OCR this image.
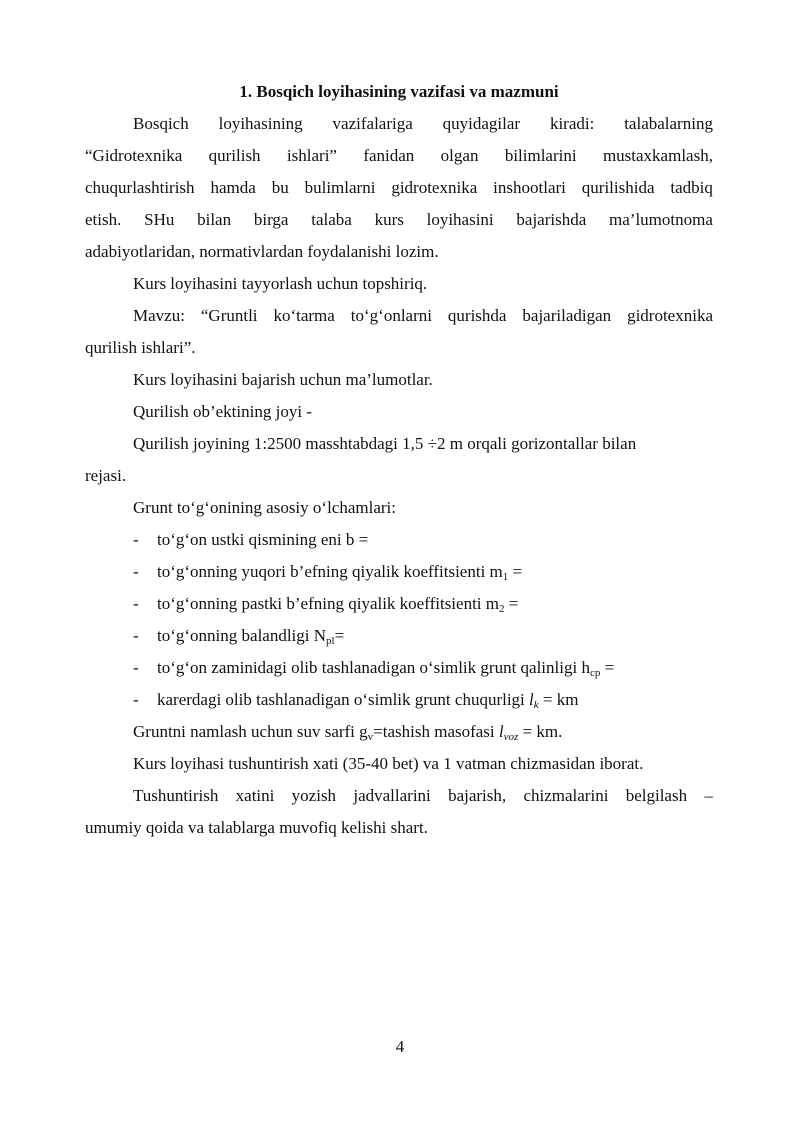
1. Bosqich loyihasining vazifasi va mazmuni

Bosqich loyihasining vazifalariga quyidagilar kiradi: talabalarning
“Gidrotexnika qurilish ishlari” fanidan olgan bilimlarini mustaxkamlash,
chuqurlashtirish hamda bu bulimlarni gidrotexnika inshootlari qurilishida tadbiq
etish. SHu bilan birga talaba kurs loyihasini bajarishda ma’lumotnoma
adabiyotlaridan, normativlardan foydalanishi lozim.

Kurs loyihasini tayyorlash uchun topshiriq.

Mavzu: “Gruntli ko‘tarma to‘g‘onlarni qurishda bajariladigan gidrotexnika
qurilish ishlari”.

Kurs loyihasini bajarish uchun ma’lumotlar.

Qurilish ob’ektining joyi -

Qurilish joyining 1:2500 masshtabdagi 1,5 ÷2 m orqali gorizontallar bilan
rejasi.

Grunt to‘g‘onining asosiy o‘lchamlari:

- to‘g‘on ustki qismining eni b =

- to‘g‘onning yuqori b’efning qiyalik koeffitsienti $m_1$ =

- to‘g‘onning pastki b’efning qiyalik koeffitsienti $m_2$ =

- to‘g‘onning balandligi $N_{pl}=$

- to‘g‘on zaminidagi olib tashlanadigan o‘simlik grunt qalinligi $h_{cp}$ =

- karerdagi olib tashlanadigan o‘simlik grunt chuqurligi $l_k$ = km

Gruntni namlash uchun suv sarfi $g_v=tashish$ masofasi $l_{voz}$ = km.

Kurs loyihasi tushuntirish xati (35-40 bet) va 1 vatman chizmasidan iborat.

Tushuntirish xatini yozish jadvallarini bajarish, chizmalarini belgilash –
umumiy qoida va talablarga muvofiq kelishi shart.
4
